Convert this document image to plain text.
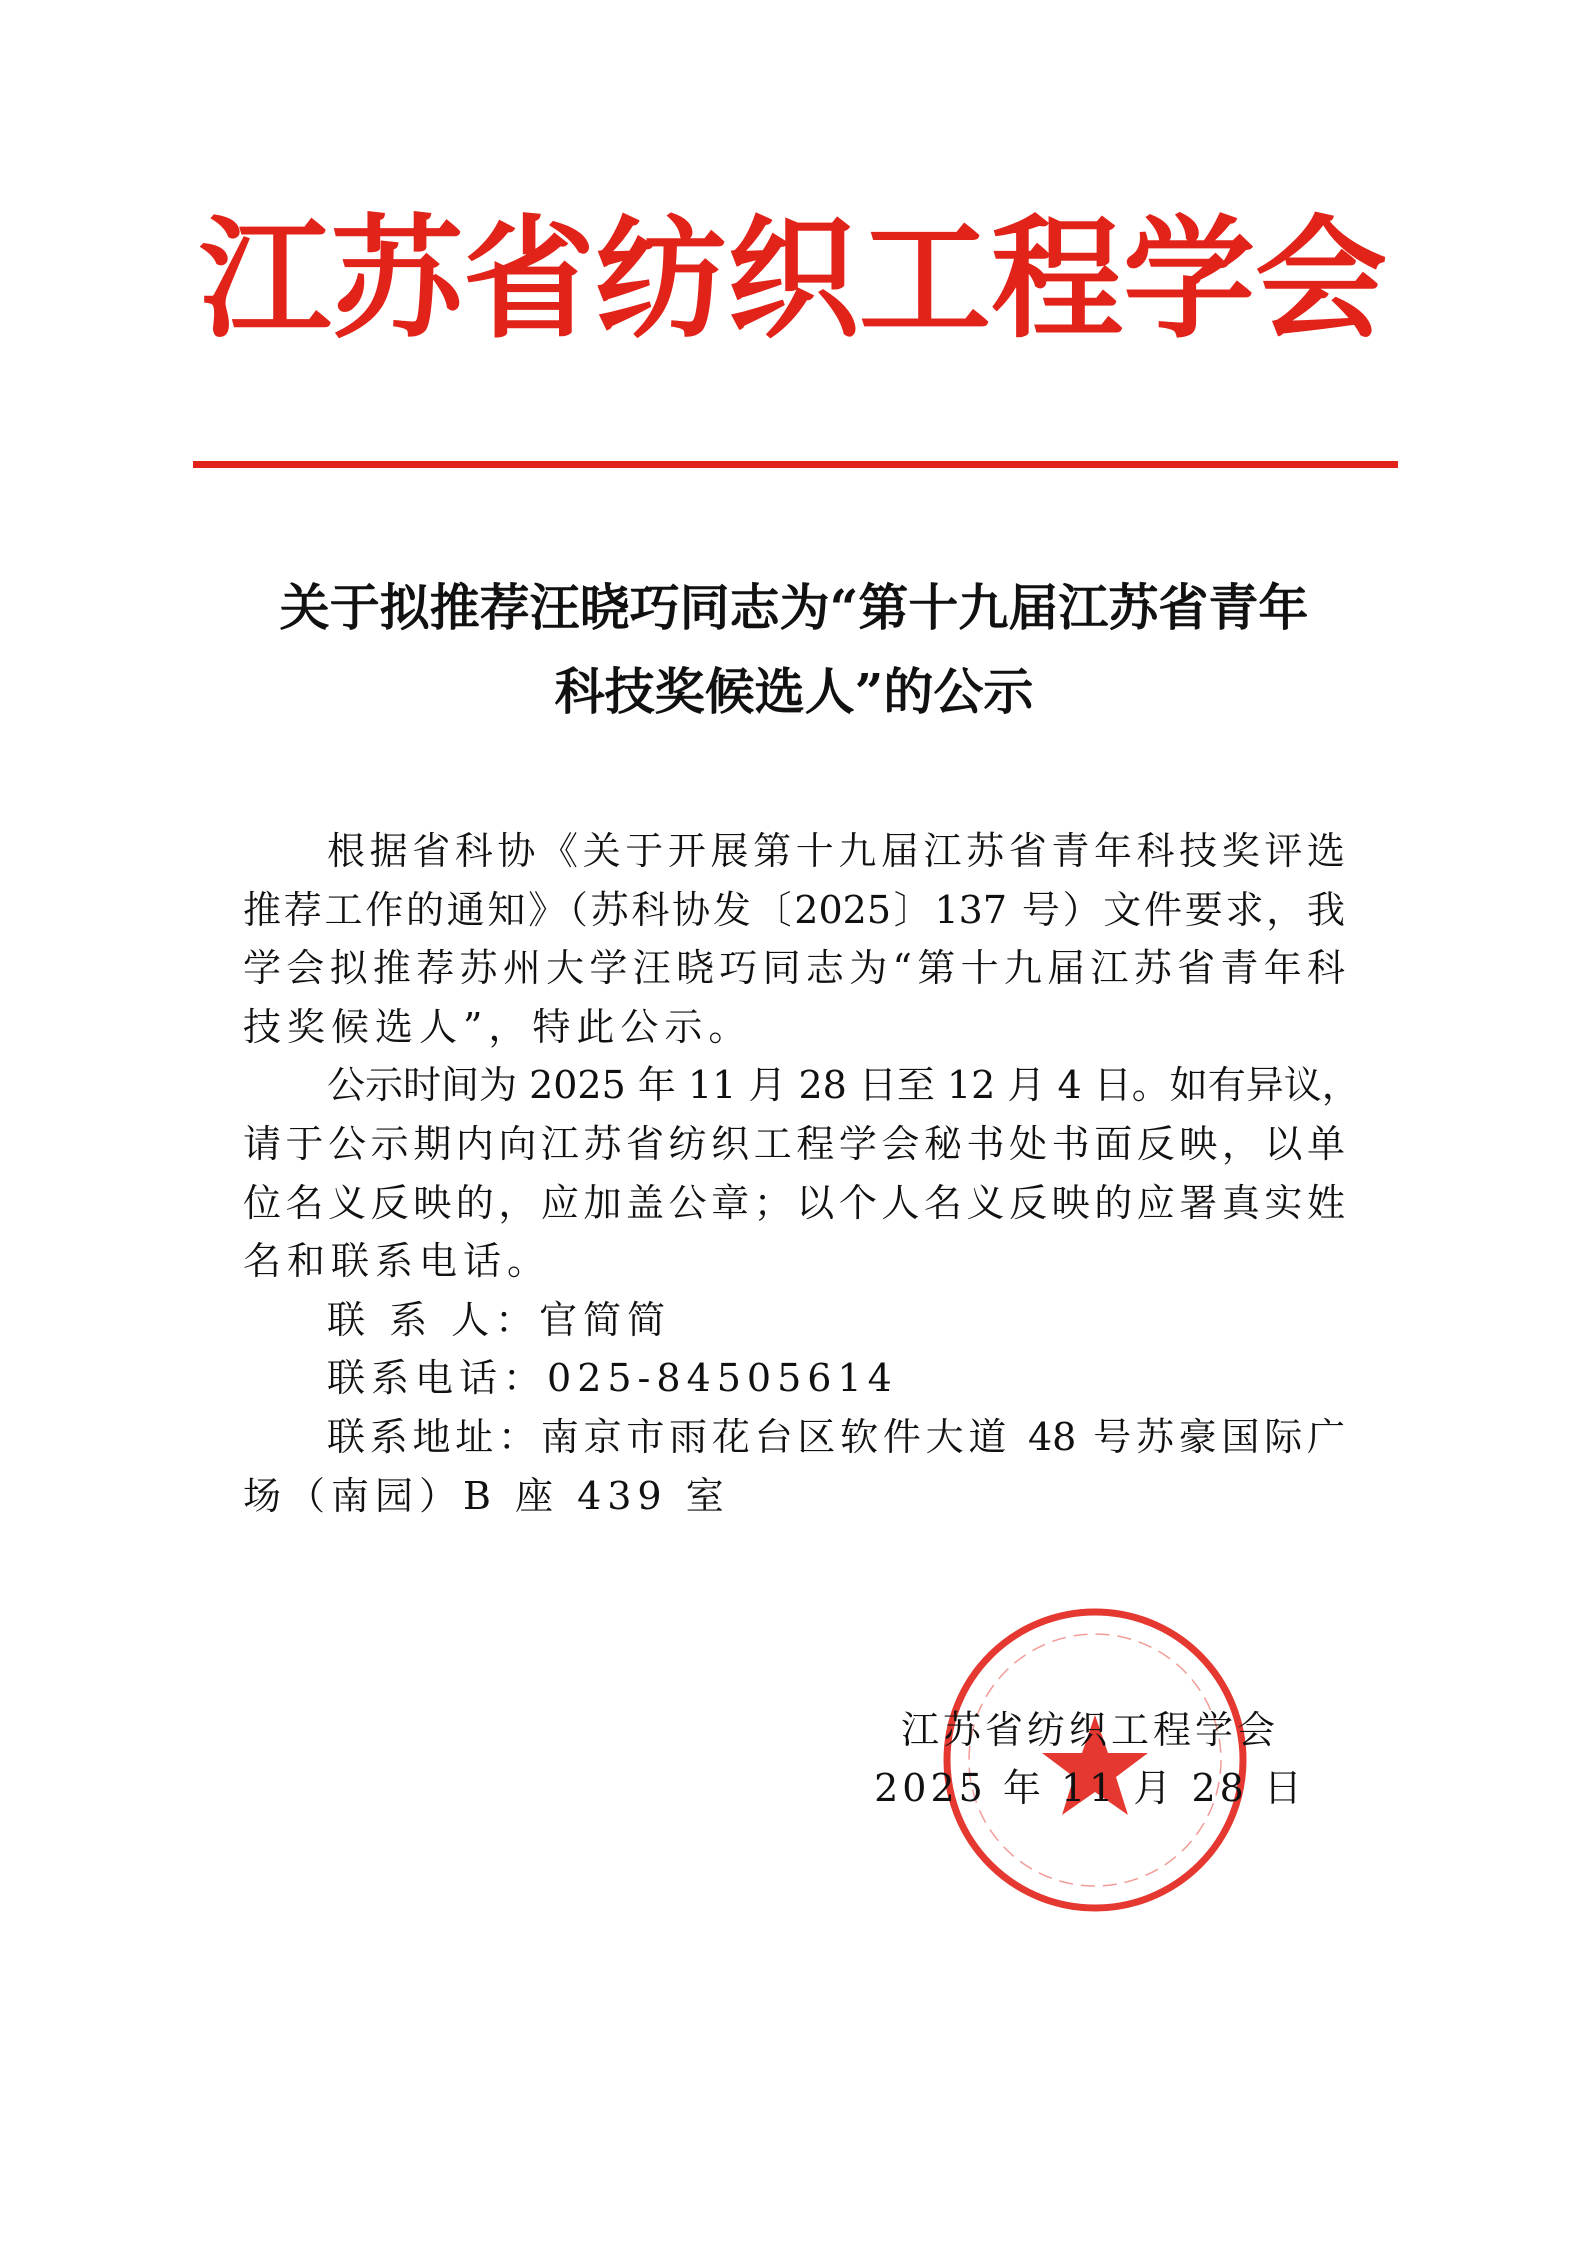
江苏省纺织工程学会
关于拟推荐汪晓巧同志为“第十九届江苏省青年
科技奖候选人”的公示
根据省科协《关于开展第十九届江苏省青年科技奖评选
推荐工作的通知》（苏科协发〔2025〕137 号）文件要求，我
学会拟推荐苏州大学汪晓巧同志为“第十九届江苏省青年科
技奖候选人”，特此公示。
公示时间为 2025 年 11 月 28 日至 12 月 4 日。如有异议，
请于公示期内向江苏省纺织工程学会秘书处书面反映，以单
位名义反映的，应加盖公章；以个人名义反映的应署真实姓
名和联系电话。
联 系 人：官简简
联系电话：025-84505614
联系地址：南京市雨花台区软件大道 48 号苏豪国际广
场（南园）B 座 439 室
江苏省纺织工程学会
2025 年 11 月 28 日
